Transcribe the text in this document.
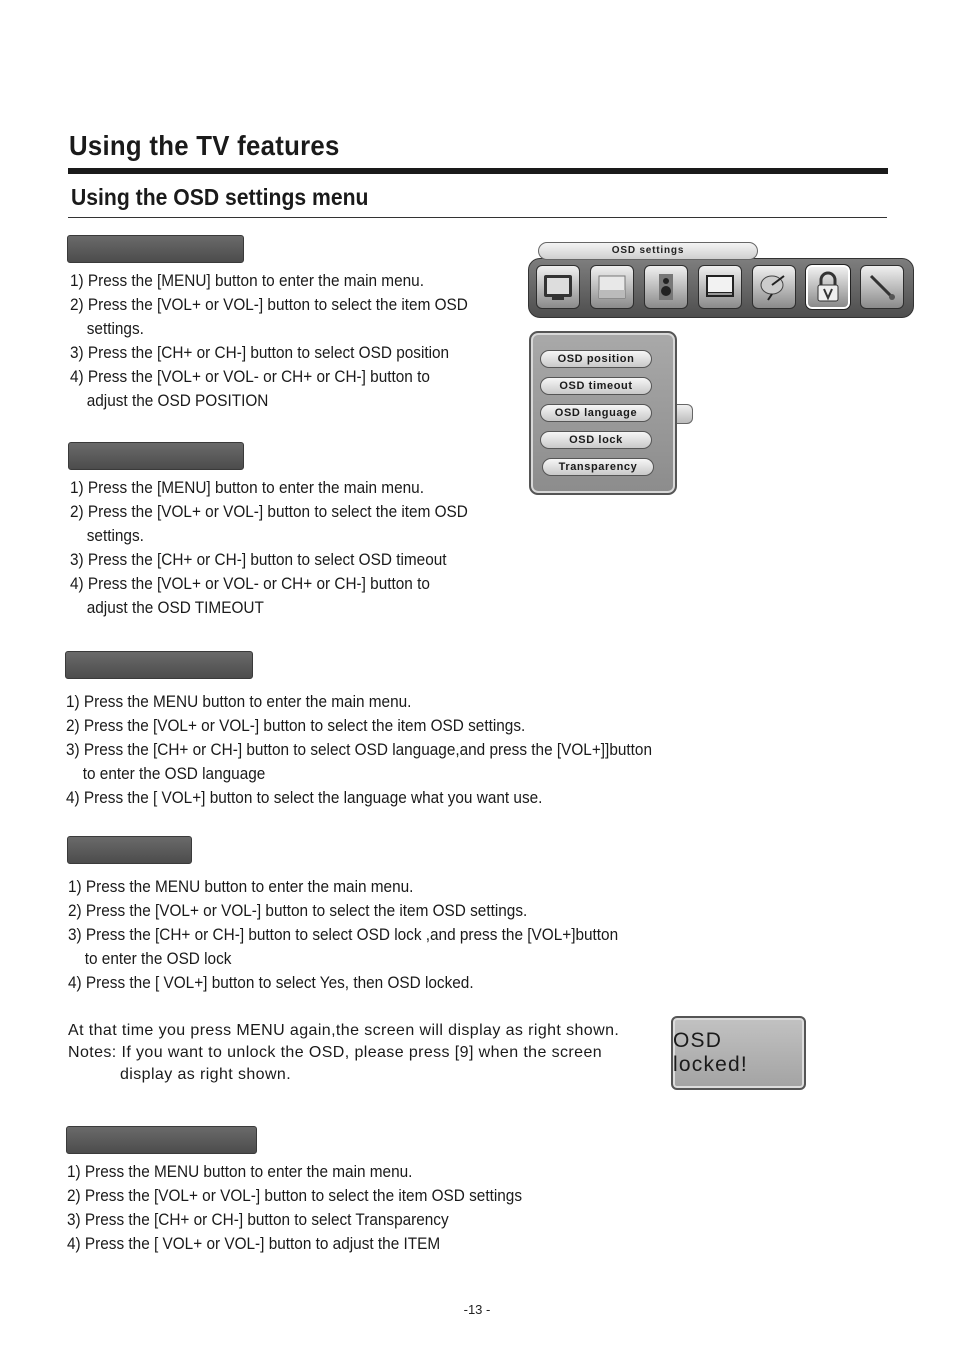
Using the TV features
Using the OSD settings menu
1) Press the [MENU] button to enter the main menu.
2) Press the [VOL+ or VOL-] button to select the item OSD
settings.
3) Press the [CH+ or CH-] button to select OSD position
4) Press the [VOL+ or VOL- or CH+ or CH-] button to
adjust the OSD POSITION
1) Press the [MENU] button to enter the main menu.
2) Press the [VOL+ or VOL-] button to select the item OSD
settings.
3) Press the [CH+ or CH-] button to select OSD timeout
4) Press the [VOL+ or VOL- or CH+ or CH-] button to
adjust the OSD TIMEOUT
1) Press the MENU button to enter the main menu.
2) Press the [VOL+ or VOL-] button to select the item OSD settings.
3) Press the [CH+ or CH-] button to select OSD language,and press the [VOL+]]button
to enter the OSD language
4) Press the [ VOL+] button to select the language what you want use.
1) Press the MENU button to enter the main menu.
2) Press the [VOL+ or VOL-] button to select the item OSD settings.
3) Press the [CH+ or CH-] button to select OSD lock ,and press the [VOL+]button
to enter the OSD lock
4) Press the [ VOL+] button to select Yes, then OSD locked.
At that time you press MENU again,the screen will display as right shown.
Notes: If you want to unlock the OSD, please press [9] when the screen
display as right shown.
1) Press the MENU button to enter the main menu.
2) Press the [VOL+ or VOL-] button to select the item OSD settings
3) Press the [CH+ or CH-] button to select Transparency
4) Press the [ VOL+ or VOL-] button to adjust the ITEM
OSD settings
OSD position
OSD timeout
OSD language
OSD lock
Transparency
OSD locked!
-13 -
